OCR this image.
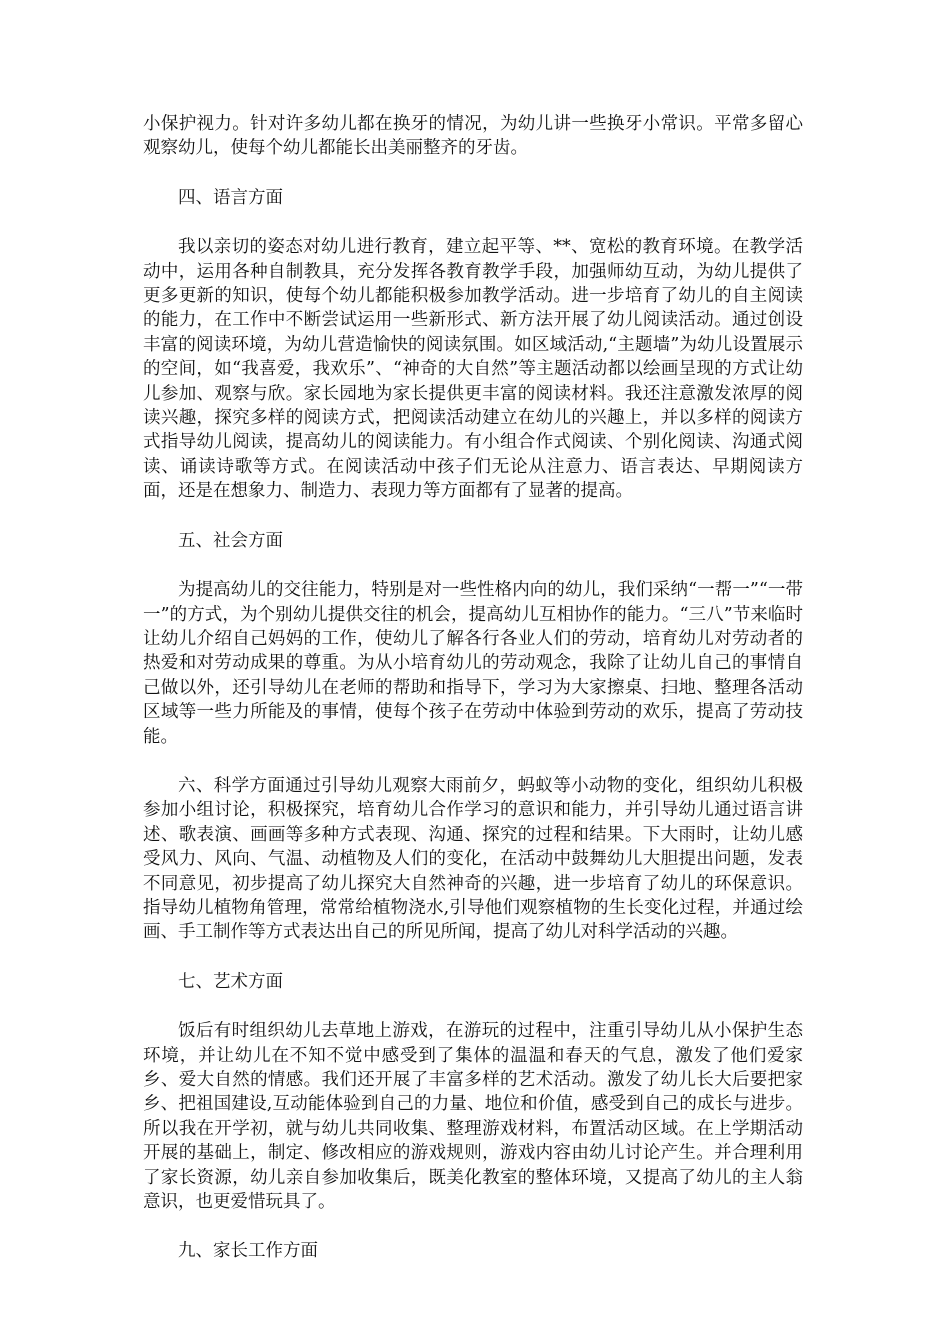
小保护视力。针对许多幼儿都在换牙的情况，为幼儿讲一些换牙小常识。平常多留心观察幼儿，使每个幼儿都能长出美丽整齐的牙齿。

四、语言方面

我以亲切的姿态对幼儿进行教育，建立起平等、**、宽松的教育环境。在教学活动中，运用各种自制教具，充分发挥各教育教学手段，加强师幼互动，为幼儿提供了更多更新的知识，使每个幼儿都能积极参加教学活动。进一步培育了幼儿的自主阅读的能力，在工作中不断尝试运用一些新形式、新方法开展了幼儿阅读活动。通过创设丰富的阅读环境，为幼儿营造愉快的阅读氛围。如区域活动,“主题墙”为幼儿设置展示的空间，如“我喜爱，我欢乐”、“神奇的大自然”等主题活动都以绘画呈现的方式让幼儿参加、观察与欣。家长园地为家长提供更丰富的阅读材料。我还注意激发浓厚的阅读兴趣，探究多样的阅读方式，把阅读活动建立在幼儿的兴趣上，并以多样的阅读方式指导幼儿阅读，提高幼儿的阅读能力。有小组合作式阅读、个别化阅读、沟通式阅读、诵读诗歌等方式。在阅读活动中孩子们无论从注意力、语言表达、早期阅读方面，还是在想象力、制造力、表现力等方面都有了显著的提高。

五、社会方面

为提高幼儿的交往能力，特别是对一些性格内向的幼儿，我们采纳“一帮一”“一带一”的方式，为个别幼儿提供交往的机会，提高幼儿互相协作的能力。“三八”节来临时让幼儿介绍自己妈妈的工作，使幼儿了解各行各业人们的劳动，培育幼儿对劳动者的热爱和对劳动成果的尊重。为从小培育幼儿的劳动观念，我除了让幼儿自己的事情自己做以外，还引导幼儿在老师的帮助和指导下，学习为大家擦桌、扫地、整理各活动区域等一些力所能及的事情，使每个孩子在劳动中体验到劳动的欢乐，提高了劳动技能。

六、科学方面通过引导幼儿观察大雨前夕，蚂蚁等小动物的变化，组织幼儿积极参加小组讨论，积极探究，培育幼儿合作学习的意识和能力，并引导幼儿通过语言讲述、歌表演、画画等多种方式表现、沟通、探究的过程和结果。下大雨时，让幼儿感受风力、风向、气温、动植物及人们的变化，在活动中鼓舞幼儿大胆提出问题，发表不同意见，初步提高了幼儿探究大自然神奇的兴趣，进一步培育了幼儿的环保意识。指导幼儿植物角管理，常常给植物浇水,引导他们观察植物的生长变化过程，并通过绘画、手工制作等方式表达出自己的所见所闻，提高了幼儿对科学活动的兴趣。

七、艺术方面

饭后有时组织幼儿去草地上游戏，在游玩的过程中，注重引导幼儿从小保护生态环境，并让幼儿在不知不觉中感受到了集体的温温和春天的气息，激发了他们爱家乡、爱大自然的情感。我们还开展了丰富多样的艺术活动。激发了幼儿长大后要把家乡、把祖国建设,互动能体验到自己的力量、地位和价值，感受到自己的成长与进步。所以我在开学初，就与幼儿共同收集、整理游戏材料，布置活动区域。在上学期活动开展的基础上，制定、修改相应的游戏规则，游戏内容由幼儿讨论产生。并合理利用了家长资源，幼儿亲自参加收集后，既美化教室的整体环境，又提高了幼儿的主人翁意识，也更爱惜玩具了。

九、家长工作方面
